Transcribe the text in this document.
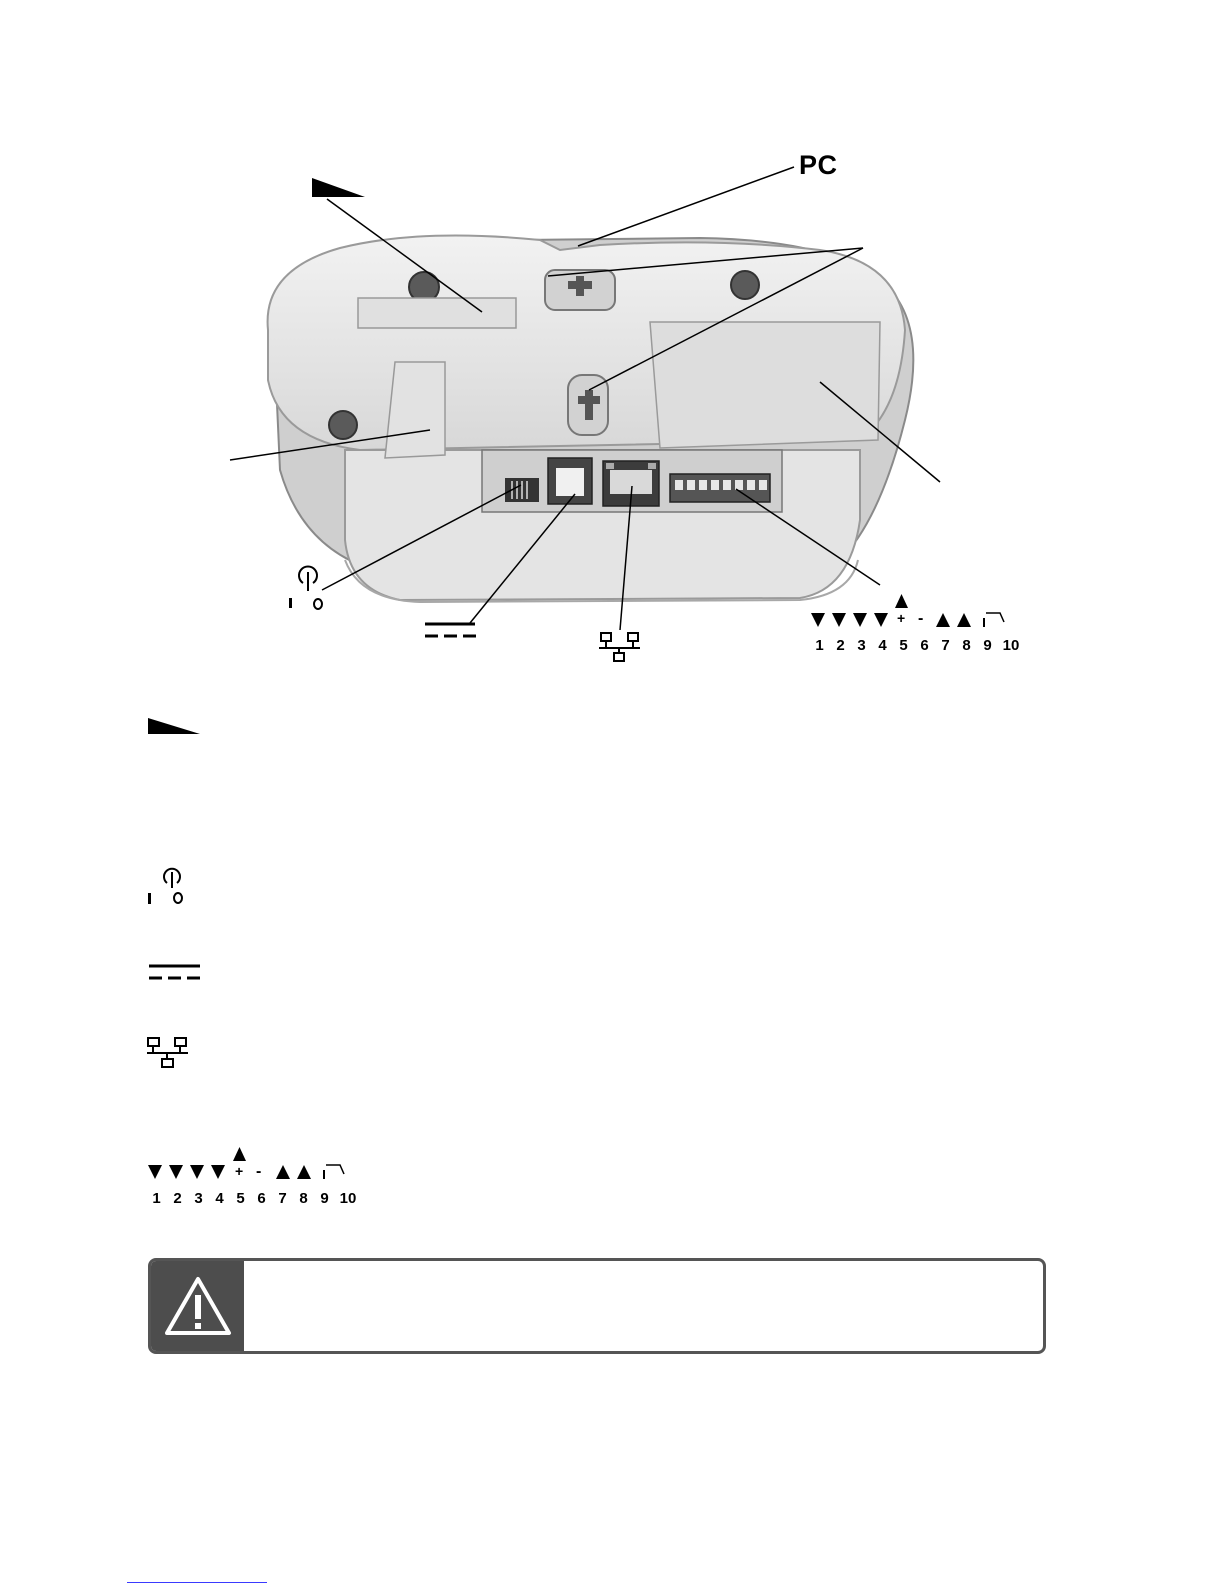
+ -
PC
1 2 3 4 5 6 7 8 9 10
+ -
1 2 3 4 5 6 7 8 9 10
